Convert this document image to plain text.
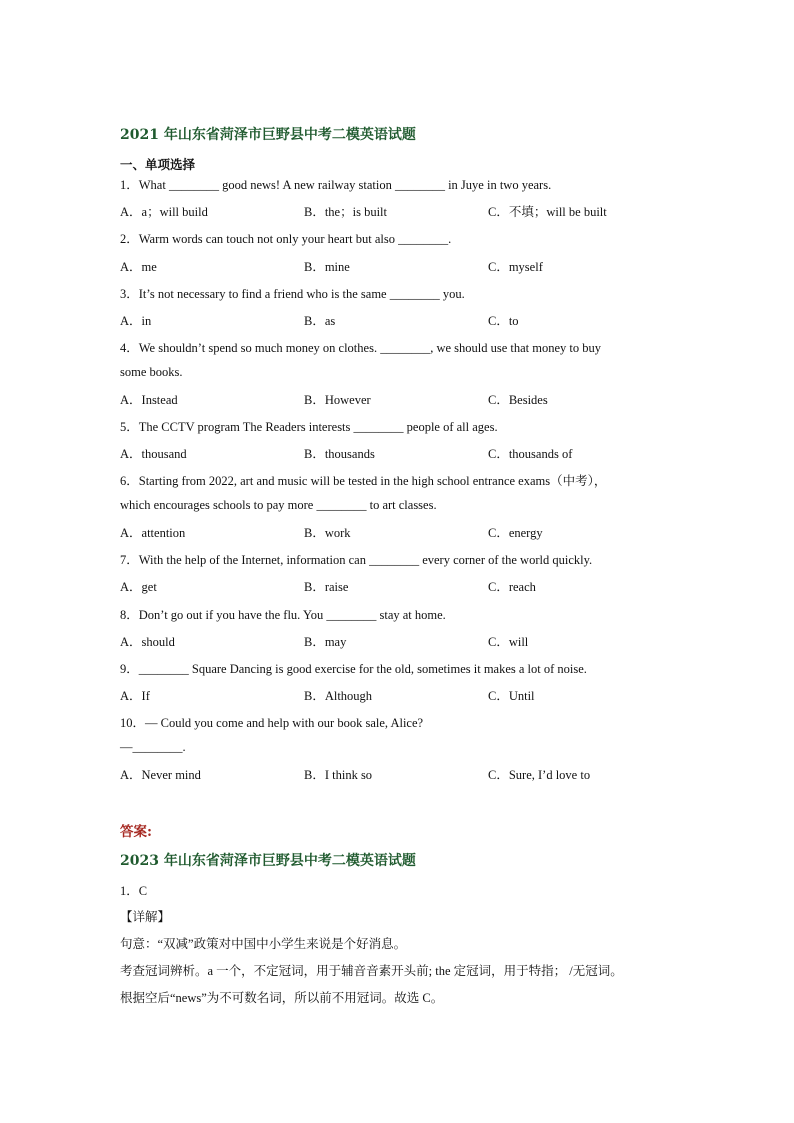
2021 年山东省菏泽市巨野县中考二模英语试题
一、单项选择
1．What ________ good news! A new railway station ________ in Juye in two years.
A．a；will build	B．the；is built	C．不填；will be built
2．Warm words can touch not only your heart but also ________.
A．me	B．mine	C．myself
3．It’s not necessary to find a friend who is the same ________ you.
A．in	B．as	C．to
4．We shouldn’t spend so much money on clothes. ________, we should use that money to buy
some books.
A．Instead	B．However	C．Besides
5．The CCTV program The Readers interests ________ people of all ages.
A．thousand	B．thousands	C．thousands of
6．Starting from 2022, art and music will be tested in the high school entrance exams（中考），
which encourages schools to pay more ________ to art classes.
A．attention	B．work	C．energy
7．With the help of the Internet, information can ________ every corner of the world quickly.
A．get	B．raise	C．reach
8．Don’t go out if you have the flu. You ________ stay at home.
A．should	B．may	C．will
9．________ Square Dancing is good exercise for the old, sometimes it makes a lot of noise.
A．If	B．Although	C．Until
10．— Could you come and help with our book sale, Alice?
—________.
A．Never mind	B．I think so	C．Sure, I’d love to
答案:
2023 年山东省菏泽市巨野县中考二模英语试题
1．C
【详解】
句意：“双减”政策对中国中小学生来说是个好消息。
考查冠词辨析。a 一个，不定冠词，用于辅音音素开头前; the 定冠词，用于特指； /无冠词。
根据空后“news”为不可数名词，所以前不用冠词。故选 C。
